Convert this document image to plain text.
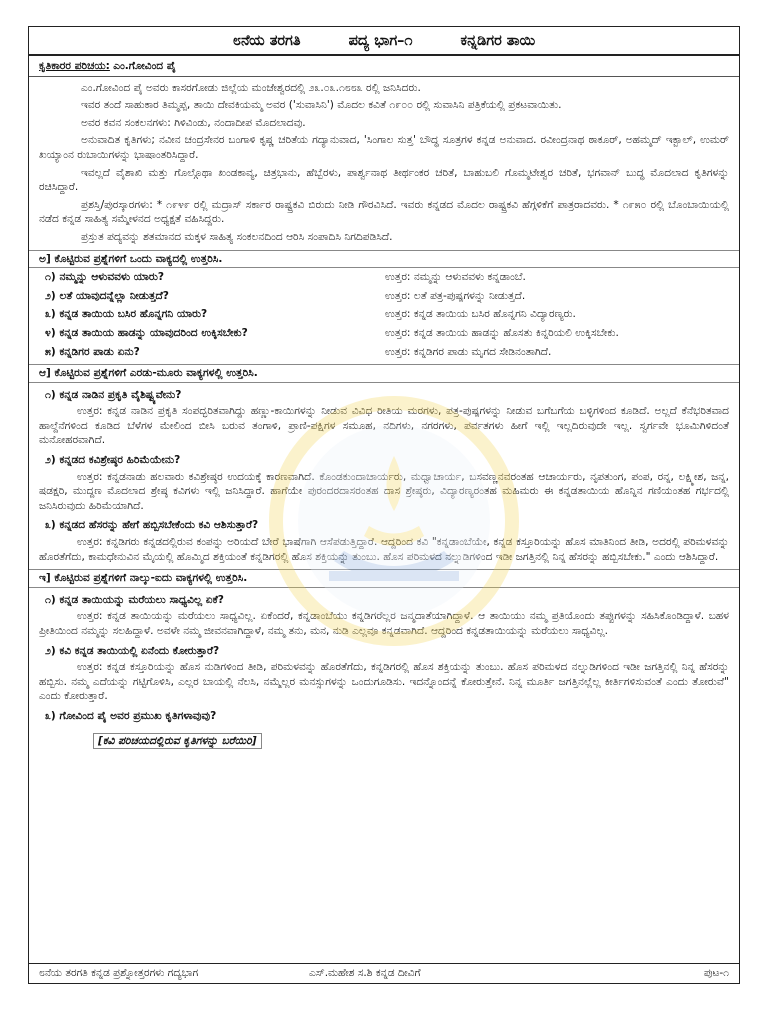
೮ನೆಯ ತರಗತಿ	ಪದ್ಯ ಭಾಗ–೧	ಕನ್ನಡಿಗರ ತಾಯಿ
ಕೃತಿಕಾರರ ಪರಿಚಯ: ಎಂ.ಗೋವಿಂದ ಪೈ

ಎಂ.ಗೋವಿಂದ ಪೈ ಅವರು ಕಾಸರಗೋಡು ಜಿಲ್ಲೆಯ ಮಂಜೇಶ್ವರದಲ್ಲಿ ೨೩.೦೩.೧೮೮೩ ರಲ್ಲಿ ಜನಿಸಿದರು.

ಇವರ ತಂದೆ ಸಾಹುಕಾರ ತಿಮ್ಮಪ್ಪ, ತಾಯಿ ದೇವಕಿಯಮ್ಮ ಅವರ ('ಸುವಾಸಿನಿ') ಮೊದಲ ಕವಿತೆ ೧೯೦೦ ರಲ್ಲಿ ಸುವಾಸಿನಿ ಪತ್ರಿಕೆಯಲ್ಲಿ ಪ್ರಕಟವಾಯಿತು.

ಅವರ ಕವನ ಸಂಕಲನಗಳು: ಗಿಳಿವಿಂಡು, ನಂದಾದೀಪ ಮೊದಲಾದವು.

ಅನುವಾದಿತ ಕೃತಿಗಳು; ನವೀನ ಚಂದ್ರಸೇನರ ಬಂಗಾಳಿ ಕೃಷ್ಣ ಚರಿತೆಯ ಗದ್ಯಾನುವಾದ, 'ಸಿಂಗಾಲ ಸುತ್ತ' ಬೌದ್ಧ ಸೂತ್ರಗಳ ಕನ್ನಡ ಅನುವಾದ. ರವೀಂದ್ರನಾಥ ಠಾಕೂರ್, ಅಹಮ್ಮದ್ ಇಕ್ಬಾಲ್, ಉಮರ್ ಖಯ್ಯಾಂನ ರುಬಾಯಿಗಳನ್ನು ಭಾಷಾಂತರಿಸಿದ್ದಾರೆ.

ಇವಲ್ಲದೆ ವೈಶಾಖಿ ಮತ್ತು ಗೊಲ್ಗೊಥಾ ಖಂಡಕಾವ್ಯ, ಚಿತ್ರಭಾನು, ಹೆಬ್ಬೆರಳು, ಪಾರ್ಶ್ವನಾಥ ತೀರ್ಥಂಕರ ಚರಿತೆ, ಬಾಹುಬಲಿ ಗೊಮ್ಮಟೇಶ್ವರ ಚರಿತೆ, ಭಗವಾನ್ ಬುದ್ಧ ಮೊದಲಾದ ಕೃತಿಗಳನ್ನು ರಚಿಸಿದ್ದಾರೆ.

ಪ್ರಶಸ್ತಿ/ಪುರಸ್ಕಾರಗಳು: * ೧೯೪೯ ರಲ್ಲಿ ಮದ್ರಾಸ್ ಸರ್ಕಾರ ರಾಷ್ಟ್ರಕವಿ ಬಿರುದು ನೀಡಿ ಗೌರವಿಸಿದೆ. ಇವರು ಕನ್ನಡದ ಮೊದಲ ರಾಷ್ಟ್ರಕವಿ ಹೆಗ್ಗಳಿಕೆಗೆ ಪಾತ್ರರಾದವರು. * ೧೯೫೦ ರಲ್ಲಿ ಬೊಂಬಾಯಿಯಲ್ಲಿ ನಡೆದ ಕನ್ನಡ ಸಾಹಿತ್ಯ ಸಮ್ಮೇಳನದ ಅಧ್ಯಕ್ಷತೆ ವಹಿಸಿದ್ದರು.

ಪ್ರಸ್ತುತ ಪದ್ಯವನ್ನು ಶತಮಾನದ ಮಕ್ಕಳ ಸಾಹಿತ್ಯ ಸಂಕಲನದಿಂದ ಆರಿಸಿ ಸಂಪಾದಿಸಿ ನಿಗದಿಪಡಿಸಿದೆ.

ಅ] ಕೊಟ್ಟಿರುವ ಪ್ರಶ್ನೆಗಳಿಗೆ ಒಂದು ವಾಕ್ಯದಲ್ಲಿ ಉತ್ತರಿಸಿ.
೧) ನಮ್ಮನ್ನು ಆಳುವವಳು ಯಾರು?	ಉತ್ತರ: ನಮ್ಮನ್ನು ಆಳುವವಳು ಕನ್ನಡಾಂಬೆ.
೨) ಲತೆ ಯಾವುದನ್ನೆಲ್ಲಾ ನೀಡುತ್ತದೆ?	ಉತ್ತರ: ಲತೆ ಪತ್ರ-ಪುಷ್ಪಗಳನ್ನು ನೀಡುತ್ತದೆ.
೩) ಕನ್ನಡ ತಾಯಿಯ ಬಸಿರ ಹೊನ್ನಗನಿ ಯಾರು?	ಉತ್ತರ: ಕನ್ನಡ ತಾಯಿಯ ಬಸಿರ ಹೊನ್ನಗನಿ ವಿದ್ಯಾರಣ್ಯರು.
೪) ಕನ್ನಡ ತಾಯಿಯ ಹಾಡನ್ನು ಯಾವುದರಿಂದ ಉಕ್ಕಿಸಬೇಕು?	ಉತ್ತರ: ಕನ್ನಡ ತಾಯಿಯ ಹಾಡನ್ನು ಹೊಸತು ಕಿನ್ನರಿಯಲಿ ಉಕ್ಕಿಸಬೇಕು.
೫) ಕನ್ನಡಿಗರ ಪಾಡು ಏನು?	ಉತ್ತರ: ಕನ್ನಡಿಗರ ಪಾಡು ಮೃಗದ ಸೇಡಿನಂತಾಗಿದೆ.
ಆ] ಕೊಟ್ಟಿರುವ ಪ್ರಶ್ನೆಗಳಿಗೆ ಎರಡು-ಮೂರು ವಾಕ್ಯಗಳಲ್ಲಿ ಉತ್ತರಿಸಿ.
೧) ಕನ್ನಡ ನಾಡಿನ ಪ್ರಕೃತಿ ವೈಶಿಷ್ಟ್ಯವೇನು?

ಉತ್ತರ: ಕನ್ನಡ ನಾಡಿನ ಪ್ರಕೃತಿ ಸಂಪದ್ಭರಿತವಾಗಿದ್ದು ಹಣ್ಣು-ಕಾಯಿಗಳನ್ನು ನೀಡುವ ವಿವಿಧ ರೀತಿಯ ಮರಗಳು, ಪತ್ರ-ಪುಷ್ಪಗಳನ್ನು ನೀಡುವ ಬಗೆಬಗೆಯ ಬಳ್ಳಿಗಳಿಂದ ಕೂಡಿದೆ. ಅಲ್ಲದೆ ಕೆನೆಭರಿತವಾದ ಹಾಲ್ದೆನೆಗಳಿಂದ ಕೂಡಿದ ಬೆಳೆಗಳ ಮೇಲಿಂದ ಬೀಸಿ ಬರುವ ತಂಗಾಳಿ, ಪ್ರಾಣಿ-ಪಕ್ಷಿಗಳ ಸಮೂಹ, ನದಿಗಳು, ನಗರಗಳು, ಪರ್ವತಗಳು ಹೀಗೆ ಇಲ್ಲಿ ಇಲ್ಲದಿರುವುದೇ ಇಲ್ಲ. ಸ್ವರ್ಗವೇ ಭೂಮಿಗಿಳಿದಂತೆ ಮನೋಹರವಾಗಿದೆ.

೨) ಕನ್ನಡದ ಕವಿಶ್ರೇಷ್ಠರ ಹಿರಿಮೆಯೇನು?

ಉತ್ತರ: ಕನ್ನಡನಾಡು ಹಲವಾರು ಕವಿಶ್ರೇಷ್ಠರ ಉದಯಕ್ಕೆ ಕಾರಣವಾಗಿದೆ. ಕೊಂಡಕುಂದಾಚಾರ್ಯರು, ಮಧ್ವಾಚಾರ್ಯ, ಬಸವಣ್ಣನವರಂತಹ ಆಚಾರ್ಯರು, ನೃಪತುಂಗ, ಪಂಪ, ರನ್ನ, ಲಕ್ಷ್ಮೀಶ, ಜನ್ನ, ಷಡಕ್ಷರಿ, ಮುದ್ದಣ ಮೊದಲಾದ ಶ್ರೇಷ್ಠ ಕವಿಗಳು ಇಲ್ಲಿ ಜನಿಸಿದ್ದಾರೆ. ಹಾಗೆಯೇ ಪುರಂದರದಾಸರಂತಹ ದಾಸ ಶ್ರೇಷ್ಠರು, ವಿದ್ಯಾರಣ್ಯರಂತಹ ಮಹಿಮರು ಈ ಕನ್ನಡತಾಯಿಯ ಹೊನ್ನಿನ ಗಣಿಯಂತಹ ಗರ್ಭದಲ್ಲಿ ಜನಿಸಿರುವುದು ಹಿರಿಮೆಯಾಗಿದೆ.

೩) ಕನ್ನಡದ ಹೆಸರನ್ನು ಹೇಗೆ ಹಬ್ಬಿಸಬೇಕೆಂದು ಕವಿ ಆಶಿಸುತ್ತಾರೆ?

ಉತ್ತರ: ಕನ್ನಡಿಗರು ಕನ್ನಡದಲ್ಲಿರುವ ಕಂಪನ್ನು ಅರಿಯದೆ ಬೇರೆ ಭಾಷೆಗಾಗಿ ಆಸೆಪಡುತ್ತಿದ್ದಾರೆ. ಆದ್ದರಿಂದ ಕವಿ "ಕನ್ನಡಾಂಬೆಯೇ, ಕನ್ನಡ ಕಸ್ತೂರಿಯನ್ನು ಹೊಸ ಮಾತಿನಿಂದ ತೀಡಿ, ಅದರಲ್ಲಿ ಪರಿಮಳವನ್ನು ಹೊರತೆಗೆದು, ಕಾಮಧೇನುವಿನ ಮೈಯಲ್ಲಿ ಹೊಮ್ಮಿದ ಶಕ್ತಿಯಂತೆ ಕನ್ನಡಿಗರಲ್ಲಿ ಹೊಸ ಶಕ್ತಿಯನ್ನು ತುಂಬು. ಹೊಸ ಪರಿಮಳದ ನಲ್ನುಡಿಗಳಿಂದ ಇಡೀ ಜಗತ್ತಿನಲ್ಲಿ ನಿನ್ನ ಹೆಸರನ್ನು ಹಬ್ಬಿಸಬೇಕು." ಎಂದು ಆಶಿಸಿದ್ದಾರೆ.

ಇ] ಕೊಟ್ಟಿರುವ ಪ್ರಶ್ನೆಗಳಿಗೆ ನಾಲ್ಕು-ಐದು ವಾಕ್ಯಗಳಲ್ಲಿ ಉತ್ತರಿಸಿ.
೧) ಕನ್ನಡ ತಾಯಿಯನ್ನು ಮರೆಯಲು ಸಾಧ್ಯವಿಲ್ಲ ಏಕೆ?

ಉತ್ತರ: ಕನ್ನಡ ತಾಯಿಯನ್ನು ಮರೆಯಲು ಸಾಧ್ಯವಿಲ್ಲ. ಏಕೆಂದರೆ, ಕನ್ನಡಾಂಬೆಯು ಕನ್ನಡಿಗರೆಲ್ಲರ ಜನ್ಮದಾತೆಯಾಗಿದ್ದಾಳೆ. ಆ ತಾಯಿಯು ನಮ್ಮ ಪ್ರತಿಯೊಂದು ತಪ್ಪುಗಳನ್ನು ಸಹಿಸಿಕೊಂಡಿದ್ದಾಳೆ. ಬಹಳ ಪ್ರೀತಿಯಿಂದ ನಮ್ಮನ್ನು ಸಲಹಿದ್ದಾಳೆ. ಅವಳೇ ನಮ್ಮ ಜೀವನವಾಗಿದ್ದಾಳೆ, ನಮ್ಮ ತನು, ಮನ, ನುಡಿ ಎಲ್ಲವೂ ಕನ್ನಡವಾಗಿದೆ. ಆದ್ದರಿಂದ ಕನ್ನಡತಾಯಿಯನ್ನು ಮರೆಯಲು ಸಾಧ್ಯವಿಲ್ಲ.

೨) ಕವಿ ಕನ್ನಡ ತಾಯಿಯಲ್ಲಿ ಏನೆಂದು ಕೋರುತ್ತಾರೆ?

ಉತ್ತರ: ಕನ್ನಡ ಕಸ್ತೂರಿಯನ್ನು ಹೊಸ ನುಡಿಗಳಿಂದ ತೀಡಿ, ಪರಿಮಳವನ್ನು ಹೊರತೆಗೆದು, ಕನ್ನಡಿಗರಲ್ಲಿ ಹೊಸ ಶಕ್ತಿಯನ್ನು ತುಂಬು. ಹೊಸ ಪರಿಮಳದ ನಲ್ನುಡಿಗಳಿಂದ ಇಡೀ ಜಗತ್ತಿನಲ್ಲಿ ನಿನ್ನ ಹೆಸರನ್ನು ಹಬ್ಬಿಸು. ನಮ್ಮ ಎದೆಯನ್ನು ಗಟ್ಟಿಗೊಳಿಸಿ, ಎಲ್ಲರ ಬಾಯಲ್ಲಿ ನೆಲಸಿ, ನಮ್ಮೆಲ್ಲರ ಮನಸ್ಸುಗಳನ್ನು ಒಂದುಗೂಡಿಸು. ಇದನ್ನೊಂದನ್ನೆ ಕೋರುತ್ತೇನೆ. ನಿನ್ನ ಮೂರ್ತಿ ಜಗತ್ತಿನಲ್ಲೆಲ್ಲ ಕೀರ್ತಿಗಳಿಸುವಂತೆ ಎಂದು ತೋರುವೆ" ಎಂದು ಕೋರುತ್ತಾರೆ.

೩) ಗೋವಿಂದ ಪೈ ಅವರ ಪ್ರಮುಖ ಕೃತಿಗಳಾವುವು?
[ಕವಿ ಪರಿಚಯದಲ್ಲಿರುವ ಕೃತಿಗಳನ್ನು ಬರೆಯಿರಿ]
೮ನೆಯ ತರಗತಿ ಕನ್ನಡ ಪ್ರಶ್ನೋತ್ತರಗಳು ಗದ್ಯಭಾಗ	ಎಸ್.ಮಹೇಶ ಸ.ಶಿ ಕನ್ನಡ ದೀವಿಗೆ	ಪುಟ-೧
